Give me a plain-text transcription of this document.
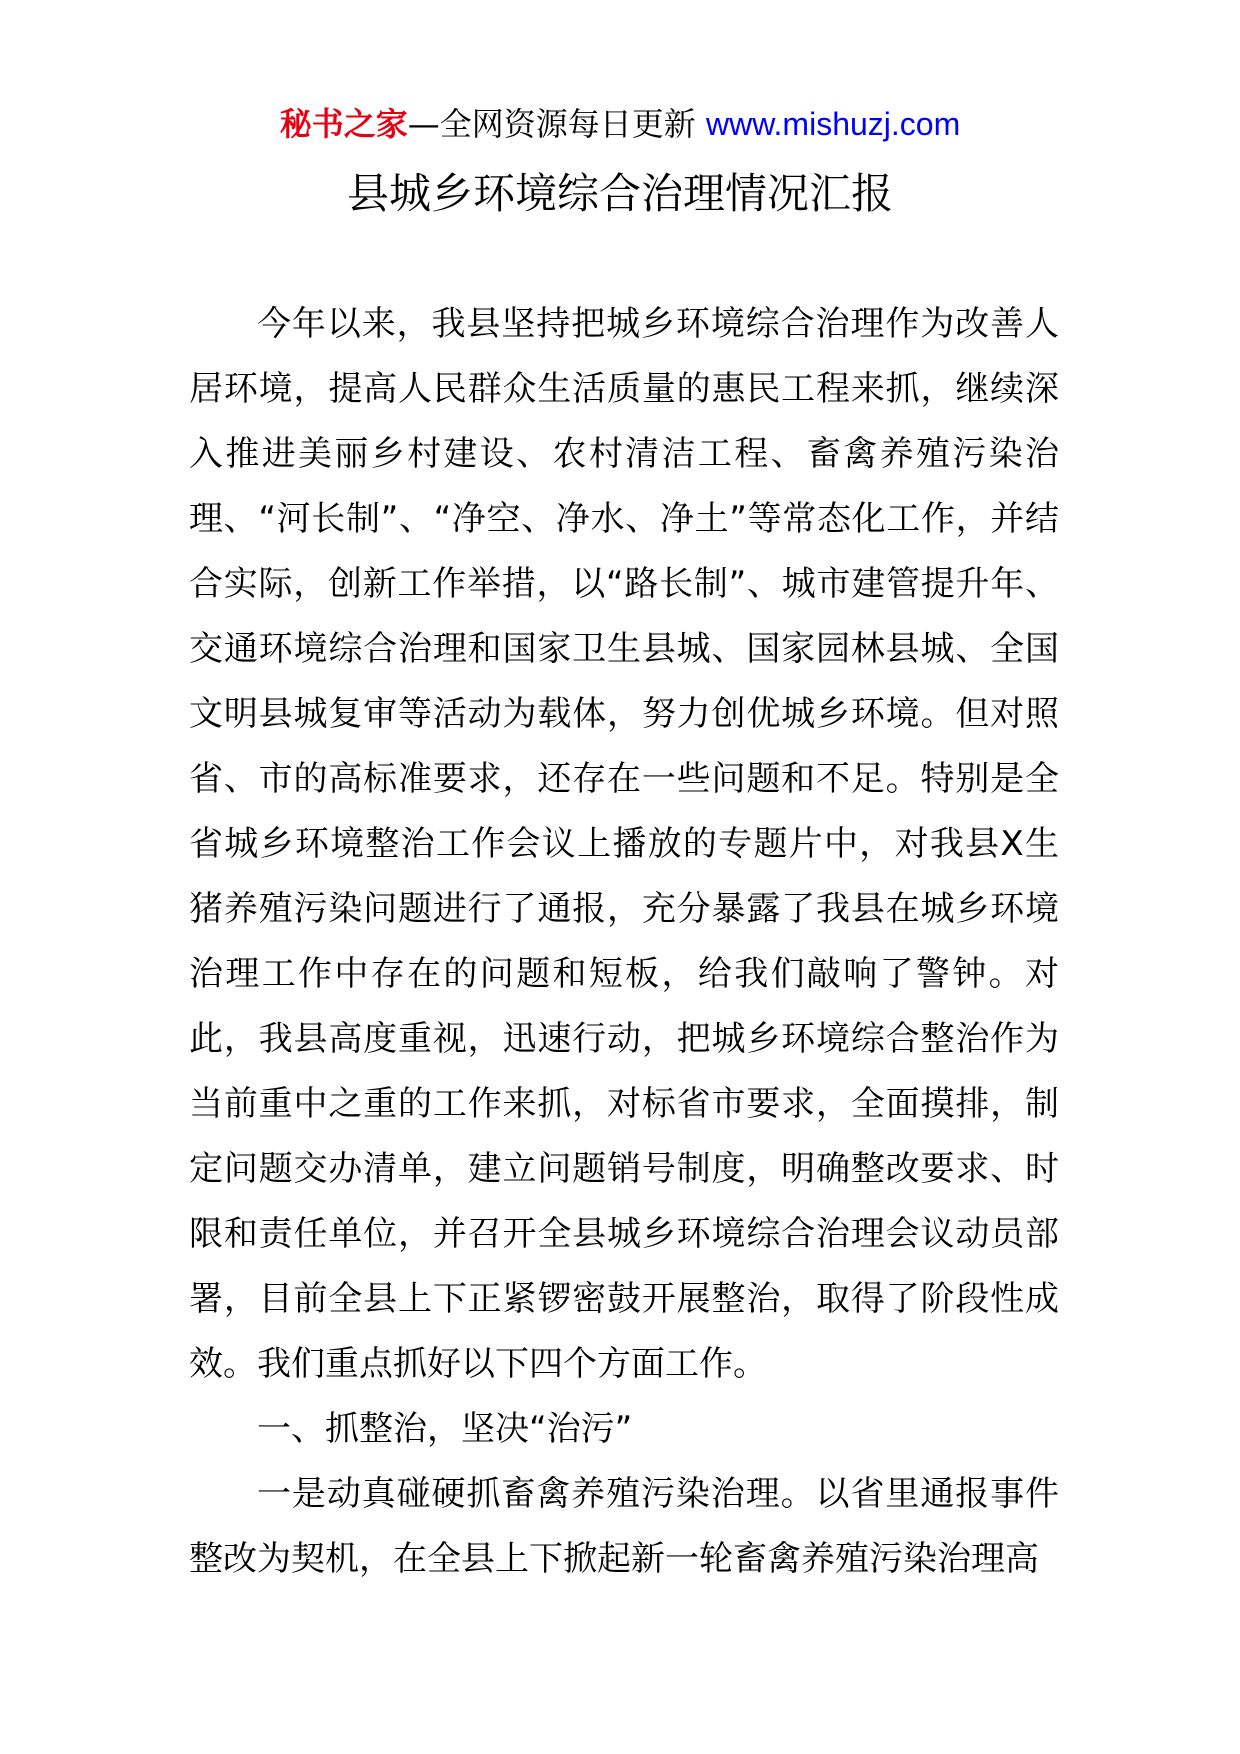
秘书之家—全网资源每日更新 www.mishuzj.com
县城乡环境综合治理情况汇报

今年以来，我县坚持把城乡环境综合治理作为改善人居环境，提高人民群众生活质量的惠民工程来抓，继续深入推进美丽乡村建设、农村清洁工程、畜禽养殖污染治理、“河长制”、“净空、净水、净土”等常态化工作，并结合实际，创新工作举措，以“路长制”、城市建管提升年、交通环境综合治理和国家卫生县城、国家园林县城、全国文明县城复审等活动为载体，努力创优城乡环境。但对照省、市的高标准要求，还存在一些问题和不足。特别是全省城乡环境整治工作会议上播放的专题片中，对我县X生猪养殖污染问题进行了通报，充分暴露了我县在城乡环境治理工作中存在的问题和短板，给我们敲响了警钟。对此，我县高度重视，迅速行动，把城乡环境综合整治作为当前重中之重的工作来抓，对标省市要求，全面摸排，制定问题交办清单，建立问题销号制度，明确整改要求、时限和责任单位，并召开全县城乡环境综合治理会议动员部署，目前全县上下正紧锣密鼓开展整治，取得了阶段性成效。我们重点抓好以下四个方面工作。

一、抓整治，坚决“治污”

一是动真碰硬抓畜禽养殖污染治理。以省里通报事件整改为契机，在全县上下掀起新一轮畜禽养殖污染治理高
